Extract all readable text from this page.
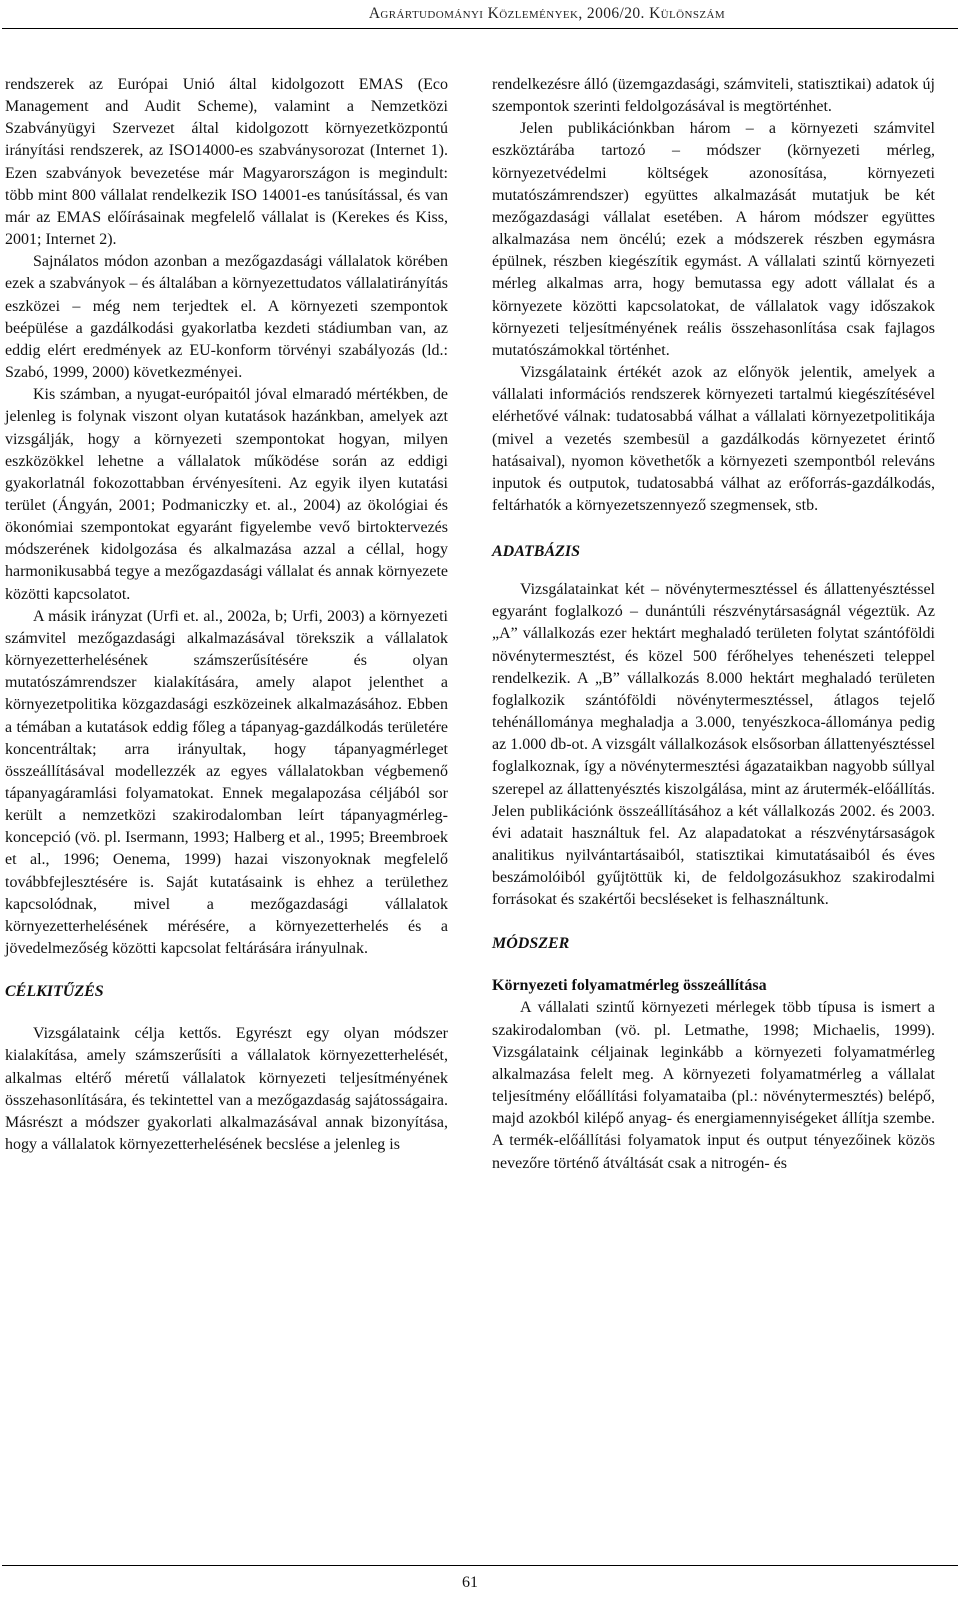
Agrártudományi Közlemények, 2006/20. Különszám

rendszerek az Európai Unió által kidolgozott EMAS (Eco Management and Audit Scheme), valamint a Nemzetközi Szabványügyi Szervezet által kidolgozott környezetközpontú irányítási rendszerek, az ISO14000-es szabványsorozat (Internet 1). Ezen szabványok bevezetése már Magyarországon is megindult: több mint 800 vállalat rendelkezik ISO 14001-es tanúsítással, és van már az EMAS előírásainak megfelelő vállalat is (Kerekes és Kiss, 2001; Internet 2).

Sajnálatos módon azonban a mezőgazdasági vállalatok körében ezek a szabványok – és általában a környezettudatos vállalatirányítás eszközei – még nem terjedtek el. A környezeti szempontok beépülése a gazdálkodási gyakorlatba kezdeti stádiumban van, az eddig elért eredmények az EU-konform törvényi szabályozás (ld.: Szabó, 1999, 2000) következményei.

Kis számban, a nyugat-európaitól jóval elmaradó mértékben, de jelenleg is folynak viszont olyan kutatások hazánkban, amelyek azt vizsgálják, hogy a környezeti szempontokat hogyan, milyen eszközökkel lehetne a vállalatok működése során az eddigi gyakorlatnál fokozottabban érvényesíteni. Az egyik ilyen kutatási terület (Ángyán, 2001; Podmaniczky et. al., 2004) az ökológiai és ökonómiai szempontokat egyaránt figyelembe vevő birtoktervezés módszerének kidolgozása és alkalmazása azzal a céllal, hogy harmonikusabbá tegye a mezőgazdasági vállalat és annak környezete közötti kapcsolatot.

A másik irányzat (Urfi et. al., 2002a, b; Urfi, 2003) a környezeti számvitel mezőgazdasági alkalmazásával törekszik a vállalatok környezetterhelésének számszerűsítésére és olyan mutatószámrendszer kialakítására, amely alapot jelenthet a környezetpolitika közgazdasági eszközeinek alkalmazásához. Ebben a témában a kutatások eddig főleg a tápanyag-gazdálkodás területére koncentráltak; arra irányultak, hogy tápanyagmérleget összeállításával modellezzék az egyes vállalatokban végbemenő tápanyagáramlási folyamatokat. Ennek megalapozása céljából sor került a nemzetközi szakirodalomban leírt tápanyagmérleg-koncepció (vö. pl. Isermann, 1993; Halberg et al., 1995; Breembroek et al., 1996; Oenema, 1999) hazai viszonyoknak megfelelő továbbfejlesztésére is. Saját kutatásaink is ehhez a területhez kapcsolódnak, mivel a mezőgazdasági vállalatok környezetterhelésének mérésére, a környezetterhelés és a jövedelmezőség közötti kapcsolat feltárására irányulnak.

CÉLKITŰZÉS

Vizsgálataink célja kettős. Egyrészt egy olyan módszer kialakítása, amely számszerűsíti a vállalatok környezetterhelését, alkalmas eltérő méretű vállalatok környezeti teljesítményének összehasonlítására, és tekintettel van a mezőgazdaság sajátosságaira. Másrészt a módszer gyakorlati alkalmazásával annak bizonyítása, hogy a vállalatok környezetterhelésének becslése a jelenleg is

rendelkezésre álló (üzemgazdasági, számviteli, statisztikai) adatok új szempontok szerinti feldolgozásával is megtörténhet.

Jelen publikációnkban három – a környezeti számvitel eszköztárába tartozó – módszer (környezeti mérleg, környezetvédelmi költségek azonosítása, környezeti mutatószámrendszer) együttes alkalmazását mutatjuk be két mezőgazdasági vállalat esetében. A három módszer együttes alkalmazása nem öncélú; ezek a módszerek részben egymásra épülnek, részben kiegészítik egymást. A vállalati szintű környezeti mérleg alkalmas arra, hogy bemutassa egy adott vállalat és a környezete közötti kapcsolatokat, de vállalatok vagy időszakok környezeti teljesítményének reális összehasonlítása csak fajlagos mutatószámokkal történhet.

Vizsgálataink értékét azok az előnyök jelentik, amelyek a vállalati információs rendszerek környezeti tartalmú kiegészítésével elérhetővé válnak: tudatosabbá válhat a vállalati környezetpolitikája (mivel a vezetés szembesül a gazdálkodás környezetet érintő hatásaival), nyomon követhetők a környezeti szempontból releváns inputok és outputok, tudatosabbá válhat az erőforrás-gazdálkodás, feltárhatók a környezetszennyező szegmensek, stb.

ADATBÁZIS

Vizsgálatainkat két – növénytermesztéssel és állattenyésztéssel egyaránt foglalkozó – dunántúli részvénytársaságnál végeztük. Az „A” vállalkozás ezer hektárt meghaladó területen folytat szántóföldi növénytermesztést, és közel 500 férőhelyes tehenészeti teleppel rendelkezik. A „B” vállalkozás 8.000 hektárt meghaladó területen foglalkozik szántóföldi növénytermesztéssel, átlagos tejelő tehénállománya meghaladja a 3.000, tenyészkoca-állománya pedig az 1.000 db-ot. A vizsgált vállalkozások elsősorban állattenyésztéssel foglalkoznak, így a növénytermesztési ágazataikban nagyobb súllyal szerepel az állattenyésztés kiszolgálása, mint az árutermék-előállítás. Jelen publikációnk összeállításához a két vállalkozás 2002. és 2003. évi adatait használtuk fel. Az alapadatokat a részvénytársaságok analitikus nyilvántartásaiból, statisztikai kimutatásaiból és éves beszámolóiból gyűjtöttük ki, de feldolgozásukhoz szakirodalmi forrásokat és szakértői becsléseket is felhasználtunk.

MÓDSZER
Környezeti folyamatmérleg összeállítása

A vállalati szintű környezeti mérlegek több típusa is ismert a szakirodalomban (vö. pl. Letmathe, 1998; Michaelis, 1999). Vizsgálataink céljainak leginkább a környezeti folyamatmérleg alkalmazása felelt meg. A környezeti folyamatmérleg a vállalat teljesítmény előállítási folyamataiba (pl.: növénytermesztés) belépő, majd azokból kilépő anyag- és energiamennyiségeket állítja szembe. A termék-előállítási folyamatok input és output tényezőinek közös nevezőre történő átváltását csak a nitrogén- és

61
